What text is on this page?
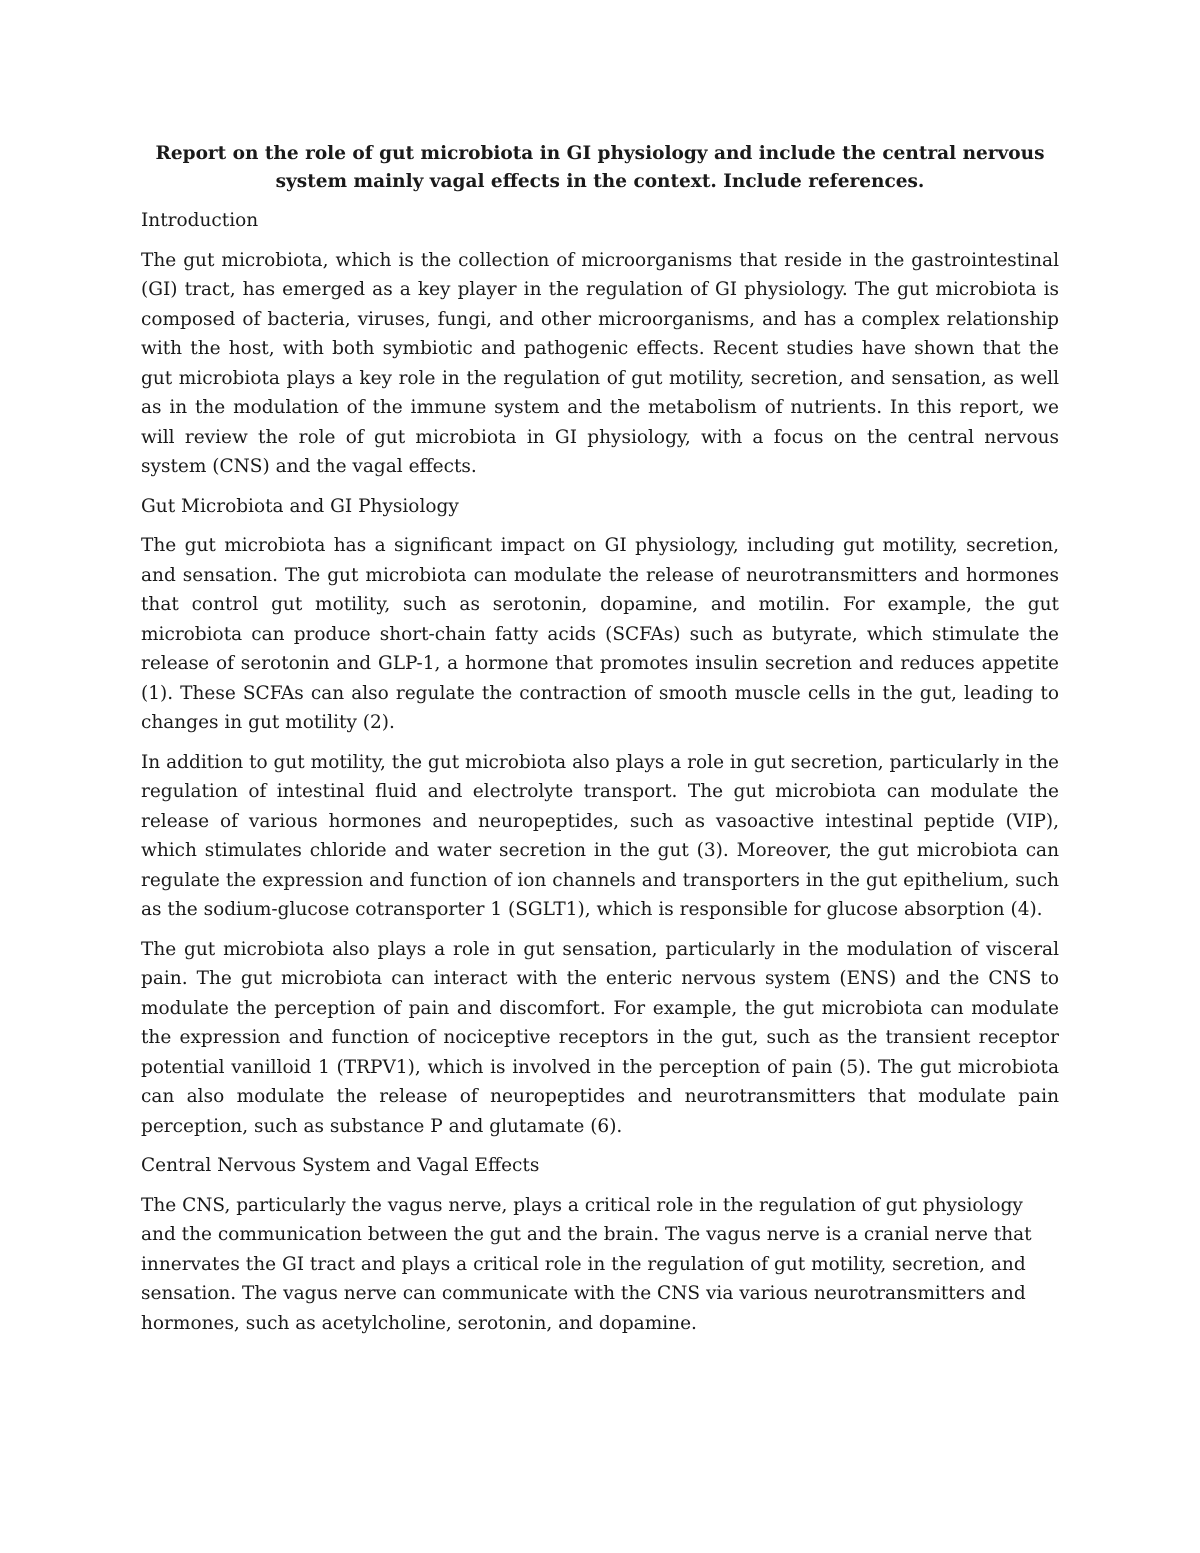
Report on the role of gut microbiota in GI physiology and include the central nervous system mainly vagal effects in the context. Include references.
Introduction

The gut microbiota, which is the collection of microorganisms that reside in the gastrointestinal (GI) tract, has emerged as a key player in the regulation of GI physiology. The gut microbiota is composed of bacteria, viruses, fungi, and other microorganisms, and has a complex relationship with the host, with both symbiotic and pathogenic effects. Recent studies have shown that the gut microbiota plays a key role in the regulation of gut motility, secretion, and sensation, as well as in the modulation of the immune system and the metabolism of nutrients. In this report, we will review the role of gut microbiota in GI physiology, with a focus on the central nervous system (CNS) and the vagal effects.

Gut Microbiota and GI Physiology

The gut microbiota has a significant impact on GI physiology, including gut motility, secretion, and sensation. The gut microbiota can modulate the release of neurotransmitters and hormones that control gut motility, such as serotonin, dopamine, and motilin. For example, the gut microbiota can produce short-chain fatty acids (SCFAs) such as butyrate, which stimulate the release of serotonin and GLP-1, a hormone that promotes insulin secretion and reduces appetite (1). These SCFAs can also regulate the contraction of smooth muscle cells in the gut, leading to changes in gut motility (2).

In addition to gut motility, the gut microbiota also plays a role in gut secretion, particularly in the regulation of intestinal fluid and electrolyte transport. The gut microbiota can modulate the release of various hormones and neuropeptides, such as vasoactive intestinal peptide (VIP), which stimulates chloride and water secretion in the gut (3). Moreover, the gut microbiota can regulate the expression and function of ion channels and transporters in the gut epithelium, such as the sodium-glucose cotransporter 1 (SGLT1), which is responsible for glucose absorption (4).

The gut microbiota also plays a role in gut sensation, particularly in the modulation of visceral pain. The gut microbiota can interact with the enteric nervous system (ENS) and the CNS to modulate the perception of pain and discomfort. For example, the gut microbiota can modulate the expression and function of nociceptive receptors in the gut, such as the transient receptor potential vanilloid 1 (TRPV1), which is involved in the perception of pain (5). The gut microbiota can also modulate the release of neuropeptides and neurotransmitters that modulate pain perception, such as substance P and glutamate (6).

Central Nervous System and Vagal Effects

The CNS, particularly the vagus nerve, plays a critical role in the regulation of gut physiology and the communication between the gut and the brain. The vagus nerve is a cranial nerve that innervates the GI tract and plays a critical role in the regulation of gut motility, secretion, and sensation. The vagus nerve can communicate with the CNS via various neurotransmitters and hormones, such as acetylcholine, serotonin, and dopamine.
